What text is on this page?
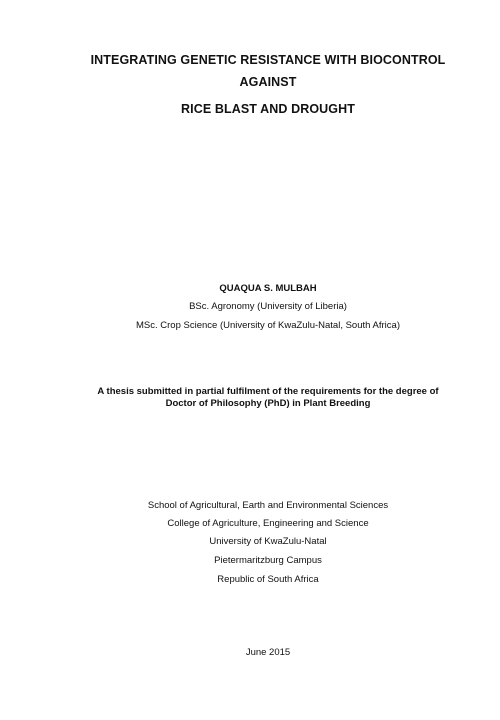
INTEGRATING GENETIC RESISTANCE WITH BIOCONTROL
AGAINST
RICE BLAST AND DROUGHT
QUAQUA S. MULBAH
BSc. Agronomy (University of Liberia)
MSc. Crop Science (University of KwaZulu-Natal, South Africa)
A thesis submitted in partial fulfilment of the requirements for the degree of
Doctor of Philosophy (PhD) in Plant Breeding
School of Agricultural, Earth and Environmental Sciences
College of Agriculture, Engineering and Science
University of KwaZulu-Natal
Pietermaritzburg Campus
Republic of South Africa
June 2015
